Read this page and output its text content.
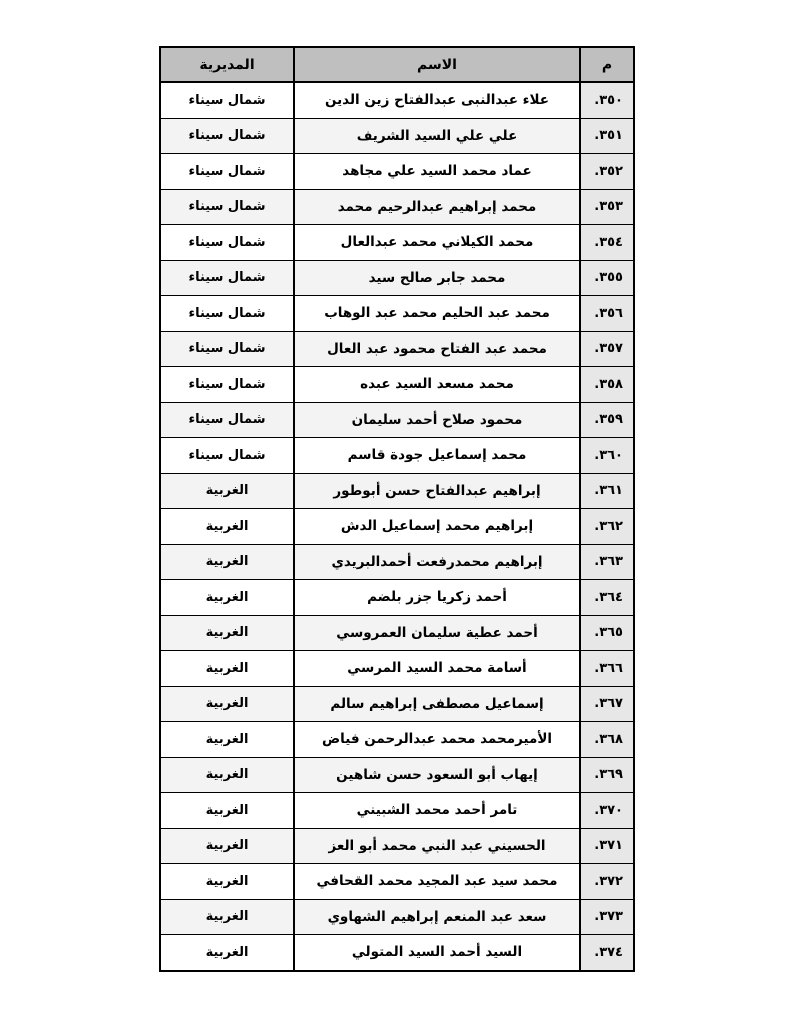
م	الاسم	المديرية
٣٥٠.	علاء عبدالنبى عبدالفتاح زين الدين	شمال سيناء
٣٥١.	علي علي السيد الشريف	شمال سيناء
٣٥٢.	عماد محمد السيد علي مجاهد	شمال سيناء
٣٥٣.	محمد إبراهيم عبدالرحيم محمد	شمال سيناء
٣٥٤.	محمد الكيلاني محمد عبدالعال	شمال سيناء
٣٥٥.	محمد جابر صالح سيد	شمال سيناء
٣٥٦.	محمد عبد الحليم محمد عبد الوهاب	شمال سيناء
٣٥٧.	محمد عبد الفتاح محمود عبد العال	شمال سيناء
٣٥٨.	محمد مسعد السيد عبده	شمال سيناء
٣٥٩.	محمود صلاح أحمد سليمان	شمال سيناء
٣٦٠.	محمد إسماعيل جودة قاسم	شمال سيناء
٣٦١.	إبراهيم عبدالفتاح حسن أبوطور	الغربية
٣٦٢.	إبراهيم محمد إسماعيل الدش	الغربية
٣٦٣.	إبراهيم محمدرفعت أحمدالبريدي	الغربية
٣٦٤.	أحمد زكريا جزر بلضم	الغربية
٣٦٥.	أحمد عطية سليمان العمروسي	الغربية
٣٦٦.	أسامة محمد السيد المرسي	الغربية
٣٦٧.	إسماعيل مصطفى إبراهيم سالم	الغربية
٣٦٨.	الأميرمحمد محمد عبدالرحمن فياض	الغربية
٣٦٩.	إيهاب أبو السعود حسن شاهين	الغربية
٣٧٠.	تامر أحمد محمد الشبيني	الغربية
٣٧١.	الحسيني عبد النبي محمد أبو العز	الغربية
٣٧٢.	محمد سيد عبد المجيد محمد القحافي	الغربية
٣٧٣.	سعد عبد المنعم إبراهيم الشهاوي	الغربية
٣٧٤.	السيد أحمد السيد المتولي	الغربية
